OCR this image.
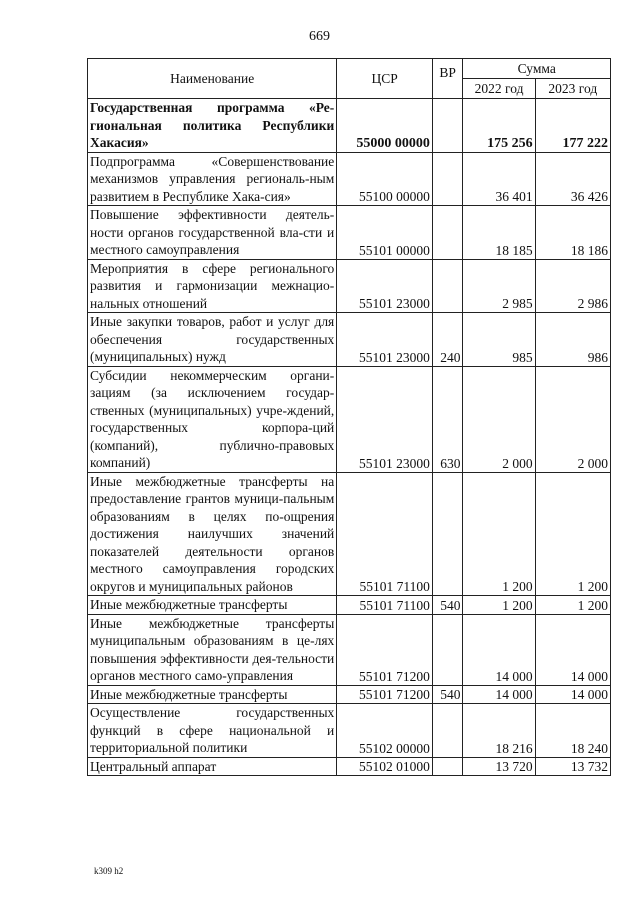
669
Наименование	ЦСР	ВР	Сумма	
			2022 год	2023 год
Государственная программа «Ре-гиональная политика Республики Хакасия»	55000 00000		175 256	177 222
Подпрограмма «Совершенствование механизмов управления региональ-ным развитием в Республике Хака-сия»	55100 00000		36 401	36 426
Повышение эффективности деятель-ности органов государственной вла-сти и местного самоуправления	55101 00000		18 185	18 186
Мероприятия в сфере регионального развития и гармонизации межнацио-нальных отношений	55101 23000		2 985	2 986
Иные закупки товаров, работ и услуг для обеспечения государственных (муниципальных) нужд	55101 23000	240	985	986
Субсидии некоммерческим органи-зациям (за исключением государ-ственных (муниципальных) учре-ждений, государственных корпора-ций (компаний), публично-правовых компаний)	55101 23000	630	2 000	2 000
Иные межбюджетные трансферты на предоставление грантов муници-пальным образованиям в целях по-ощрения достижения наилучших значений показателей деятельности органов местного самоуправления городских округов и муниципальных районов	55101 71100		1 200	1 200
Иные межбюджетные трансферты	55101 71100	540	1 200	1 200
Иные межбюджетные трансферты муниципальным образованиям в це-лях повышения эффективности дея-тельности органов местного само-управления	55101 71200		14 000	14 000
Иные межбюджетные трансферты	55101 71200	540	14 000	14 000
Осуществление государственных функций в сфере национальной и территориальной политики	55102 00000		18 216	18 240
Центральный аппарат	55102 01000		13 720	13 732
k309 h2
